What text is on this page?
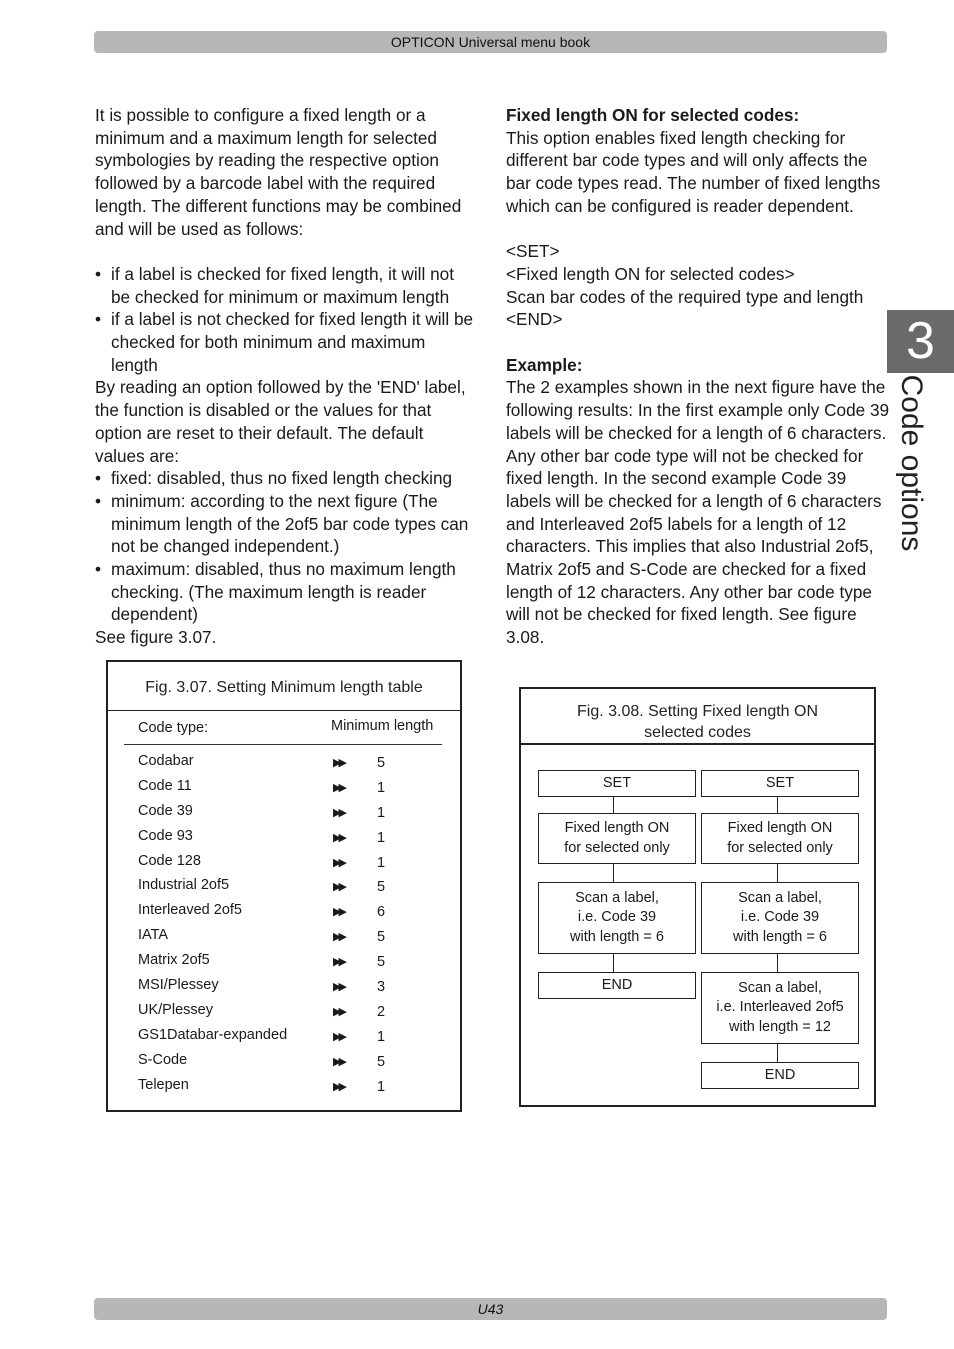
OPTICON Universal menu book
3
Code options

It is possible to configure a fixed length or a minimum and a maximum length for selected symbologies by reading the respective option followed by a barcode label with the required length. The different functions may be combined and will be used as follows:

• if a label is checked for fixed length, it will not be checked for minimum or maximum length
• if a label is not checked for fixed length it will be checked for both minimum and maximum length

By reading an option followed by the 'END' label, the function is disabled or the values for that option are reset to their default. The default values are:

• fixed: disabled, thus no fixed length checking
• minimum: according to the next figure (The minimum length of the 2of5 bar code types can not be changed independent.)
• maximum: disabled, thus no maximum length checking. (The maximum length is reader dependent)

See figure 3.07.

Fixed length ON for selected codes:

This option enables fixed length checking for different bar code types and will only affects the bar code types read. The number of fixed lengths which can be configured is reader dependent.

<SET>

<Fixed length ON for selected codes>

Scan bar codes of the required type and length

<END>

Example:

The 2 examples shown in the next figure have the following results: In the first example only Code 39 labels will be checked for a length of 6 characters. Any other bar code type will not be checked for fixed length. In the second example Code 39 labels will be checked for a length of 6 characters and Interleaved 2of5 labels for a length of 12 characters. This implies that also Industrial 2of5, Matrix 2of5 and S-Code are checked for a fixed length of 12 characters. Any other bar code type will not be checked for fixed length. See figure 3.08.

Fig. 3.07. Setting Minimum length table
Code type:	Minimum length
Codabar	▶▶ 5
Code 11	▶▶ 1
Code 39	▶▶ 1
Code 93	▶▶ 1
Code 128	▶▶ 1
Industrial 2of5	▶▶ 5
Interleaved 2of5	▶▶ 6
IATA	▶▶ 5
Matrix 2of5	▶▶ 5
MSI/Plessey	▶▶ 3
UK/Plessey	▶▶ 2
GS1Databar-expanded	▶▶ 1
S-Code	▶▶ 5
Telepen	▶▶ 1
Fig. 3.08. Setting Fixed length ON
selected codes
SET
Fixed length ON
for selected only
Scan a label,
i.e. Code 39
with length = 6
END
SET
Fixed length ON
for selected only
Scan a label,
i.e. Code 39
with length = 6
Scan a label,
i.e. Interleaved 2of5
with length = 12
END
U43
